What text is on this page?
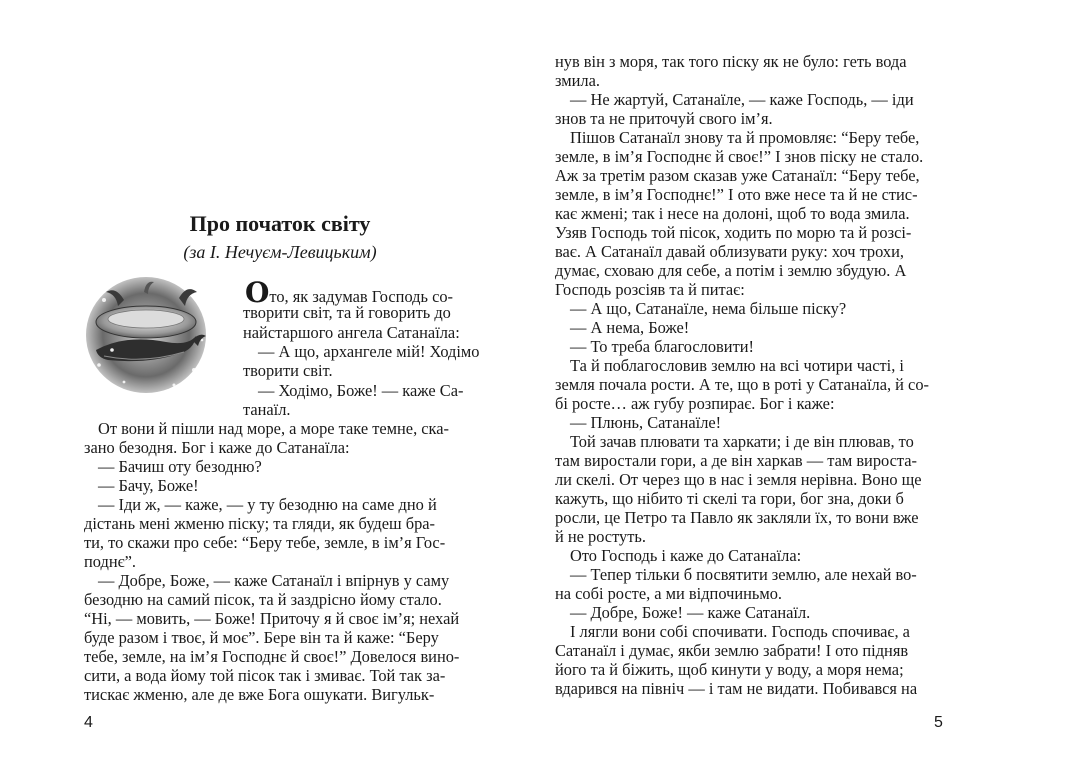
Про початок світу
(за І. Нечуєм-Левицьким)
Ото, як задумав Господь со-
творити світ, та й говорить до
найстаршого ангела Сатанаїла:
— А що, архангеле мій! Ходімо
творити світ.
— Ходімо, Боже! — каже Са-
танаїл.
От вони й пішли над море, а море таке темне, ска-
зано безодня. Бог і каже до Сатанаїла:
— Бачиш оту безодню?
— Бачу, Боже!
— Іди ж, — каже, — у ту безодню на саме дно й
дістань мені жменю піску; та гляди, як будеш бра-
ти, то скажи про себе: “Беру тебе, земле, в ім’я Гос-
поднє”.
— Добре, Боже, — каже Сатанаїл і впірнув у саму
безодню на самий пісок, та й заздрісно йому стало.
“Ні, — мовить, — Боже! Приточу я й своє ім’я; нехай
буде разом і твоє, й моє”. Бере він та й каже: “Беру
тебе, земле, на ім’я Господнє й своє!” Довелося вино-
сити, а вода йому той пісок так і змиває. Той так за-
тискає жменю, але де вже Бога ошукати. Вигульк-
4
нув він з моря, так того піску як не було: геть вода
змила.
— Не жартуй, Сатанаїле, — каже Господь, — іди
знов та не приточуй свого ім’я.
Пішов Сатанаїл знову та й промовляє: “Беру тебе,
земле, в ім’я Господнє й своє!” І знов піску не стало.
Аж за третім разом сказав уже Сатанаїл: “Беру тебе,
земле, в ім’я Господнє!” І ото вже несе та й не стис-
кає жмені; так і несе на долоні, щоб то вода змила.
Узяв Господь той пісок, ходить по морю та й розсі-
ває. А Сатанаїл давай облизувати руку: хоч трохи,
думає, сховаю для себе, а потім і землю збудую. А
Господь розсіяв та й питає:
— А що, Сатанаїле, нема більше піску?
— А нема, Боже!
— То треба благословити!
Та й поблагословив землю на всі чотири часті, і
земля почала рости. А те, що в роті у Сатанаїла, й со-
бі росте… аж губу розпирає. Бог і каже:
— Плюнь, Сатанаїле!
Той зачав плювати та харкати; і де він плював, то
там виростали гори, а де він харкав — там вироста-
ли скелі. От через що в нас і земля нерівна. Воно ще
кажуть, що нібито ті скелі та гори, бог зна, доки б
росли, це Петро та Павло як закляли їх, то вони вже
й не ростуть.
Ото Господь і каже до Сатанаїла:
— Тепер тільки б посвятити землю, але нехай во-
на собі росте, а ми відпочиньмо.
— Добре, Боже! — каже Сатанаїл.
І лягли вони собі спочивати. Господь спочиває, а
Сатанаїл і думає, якби землю забрати! І ото підняв
його та й біжить, щоб кинути у воду, а моря нема;
вдарився на північ — і там не видати. Побивався на
5
